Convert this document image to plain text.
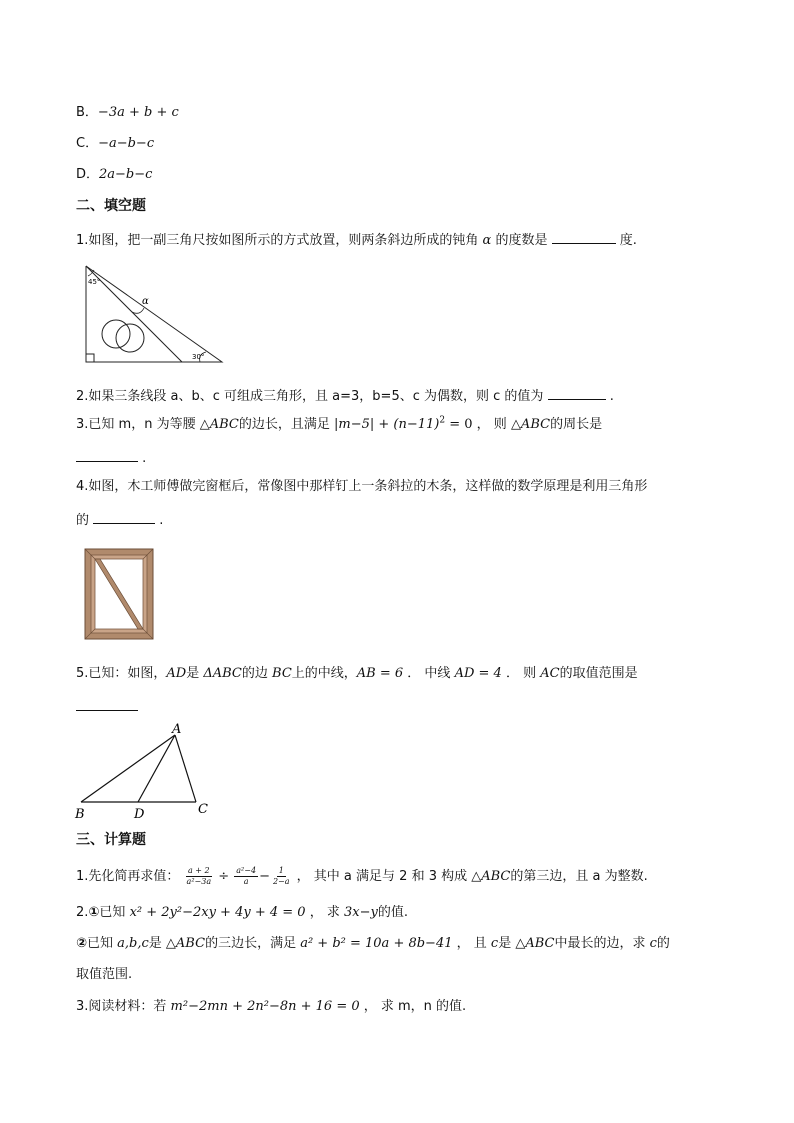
B．−3a + b + c
C．−a−b−c
D．2a−b−c
二、填空题
1.如图，把一副三角尺按如图所示的方式放置，则两条斜边所成的钝角 α 的度数是	度.
45°
α
30°
2.如果三条线段 a、b、c 可组成三角形，且 a=3，b=5、c 为偶数，则 c 的值为	.
3.已知 m，n 为等腰 △ABC的边长，且满足 $|m-5| + (n-11)^2 = 0$ ， 则 △ABC的周长是
.
4.如图，木工师傅做完窗框后，常像图中那样钉上一条斜拉的木条，这样做的数学原理是利用三角形
的	.
5.已知：如图，AD是 ΔABC的边 BC上的中线，AB = 6 ． 中线 AD = 4 ． 则 AC的取值范围是
A
B	D	C
三、计算题
1.先化简再求值： $\frac{a + 2}{\text{a²−3a}} \div \frac{\text{a²−4}}{a} - \frac{1}{2-a}$ ， 其中 a 满足与 2 和 3 构成 △ABC的第三边，且 a 为整数.
2.①已知 x² + 2y²−2xy + 4y + 4 = 0 ， 求 3x−y的值.
②已知 a,b,c是 △ABC的三边长，满足 a² + b² = 10a + 8b−41 ， 且 c是 △ABC中最长的边，求 c的
取值范围.
3.阅读材料：若 m²−2mn + 2n²−8n + 16 = 0 ， 求 m，n 的值.
